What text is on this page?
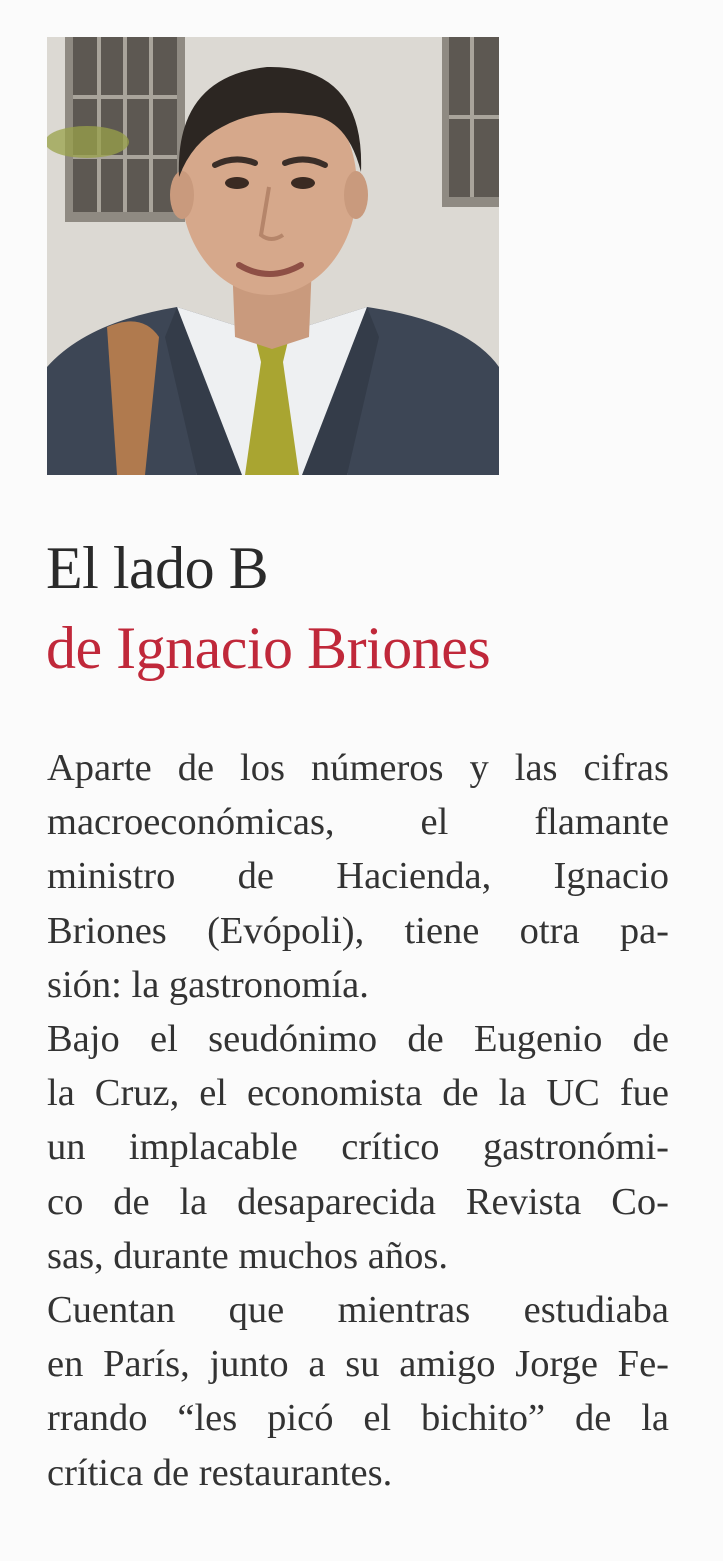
El lado B
de Ignacio Briones
Aparte de los números y las cifras
macroeconómicas, el flamante
ministro de Hacienda, Ignacio
Briones (Evópoli), tiene otra pa-
sión: la gastronomía.
Bajo el seudónimo de Eugenio de
la Cruz, el economista de la UC fue
un implacable crítico gastronómi-
co de la desaparecida Revista Co-
sas, durante muchos años.
Cuentan que mientras estudiaba
en París, junto a su amigo Jorge Fe-
rrando “les picó el bichito” de la
crítica de restaurantes.
